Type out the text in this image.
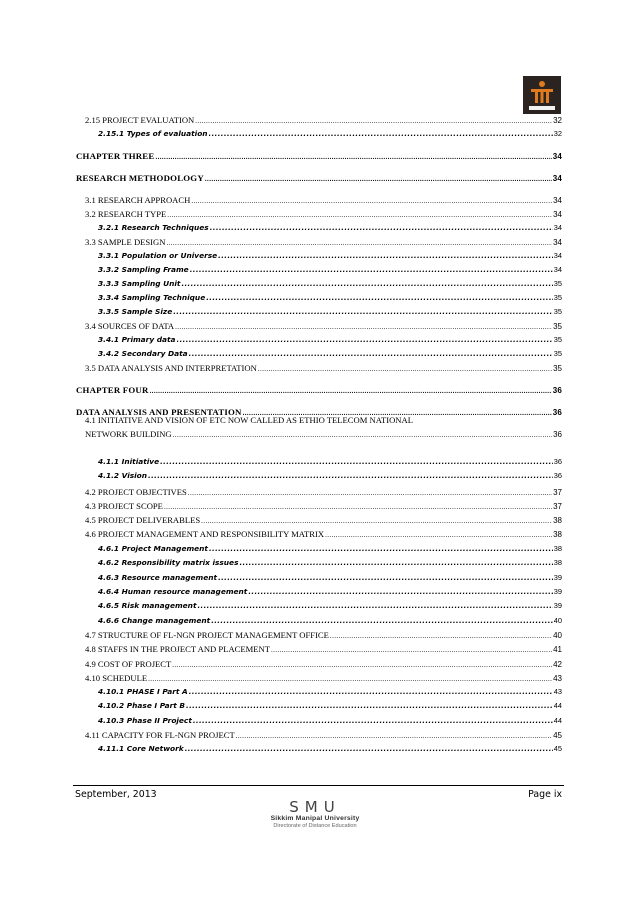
2.15 PROJECT EVALUATION .....	32
2.15.1 Types of evaluation .....	32
CHAPTER THREE .....	34
RESEARCH METHODOLOGY .....	34
3.1 RESEARCH APPROACH .....	34
3.2 RESEARCH TYPE .....	34
3.2.1 Research Techniques .....	34
3.3 SAMPLE DESIGN .....	34
3.3.1 Population or Universe .....	34
3.3.2 Sampling Frame .....	34
3.3.3 Sampling Unit .....	35
3.3.4 Sampling Technique .....	35
3.3.5 Sample Size .....	35
3.4 SOURCES OF DATA .....	35
3.4.1 Primary data .....	35
3.4.2 Secondary Data .....	35
3.5 DATA ANALYSIS AND INTERPRETATION .....	35
CHAPTER FOUR .....	36
DATA ANALYSIS AND PRESENTATION .....	36
4.1 INITIATIVE AND VISION OF ETC NOW CALLED AS ETHIO TELECOM NATIONAL
NETWORK BUILDING .....	36
4.1.1 Initiative .....	36
4.1.2 Vision .....	36
4.2 PROJECT OBJECTIVES .....	37
4.3 PROJECT SCOPE .....	37
4.5 PROJECT DELIVERABLES .....	38
4.6 PROJECT MANAGEMENT AND RESPONSIBILITY MATRIX .....	38
4.6.1 Project Management .....	38
4.6.2 Responsibility matrix issues .....	38
4.6.3 Resource management .....	39
4.6.4 Human resource management .....	39
4.6.5 Risk management .....	39
4.6.6 Change management .....	40
4.7 STRUCTURE OF FL-NGN PROJECT MANAGEMENT OFFICE .....	40
4.8 STAFFS IN THE PROJECT AND PLACEMENT .....	41
4.9 COST OF PROJECT .....	42
4.10 SCHEDULE .....	43
4.10.1 PHASE I Part A .....	43
4.10.2 Phase I Part B .....	44
4.10.3 Phase II Project .....	44
4.11 CAPACITY FOR FL-NGN PROJECT .....	45
4.11.1 Core Network .....	45
September, 2013	Page ix
SMU
Sikkim Manipal University
Directorate of Distance Education
